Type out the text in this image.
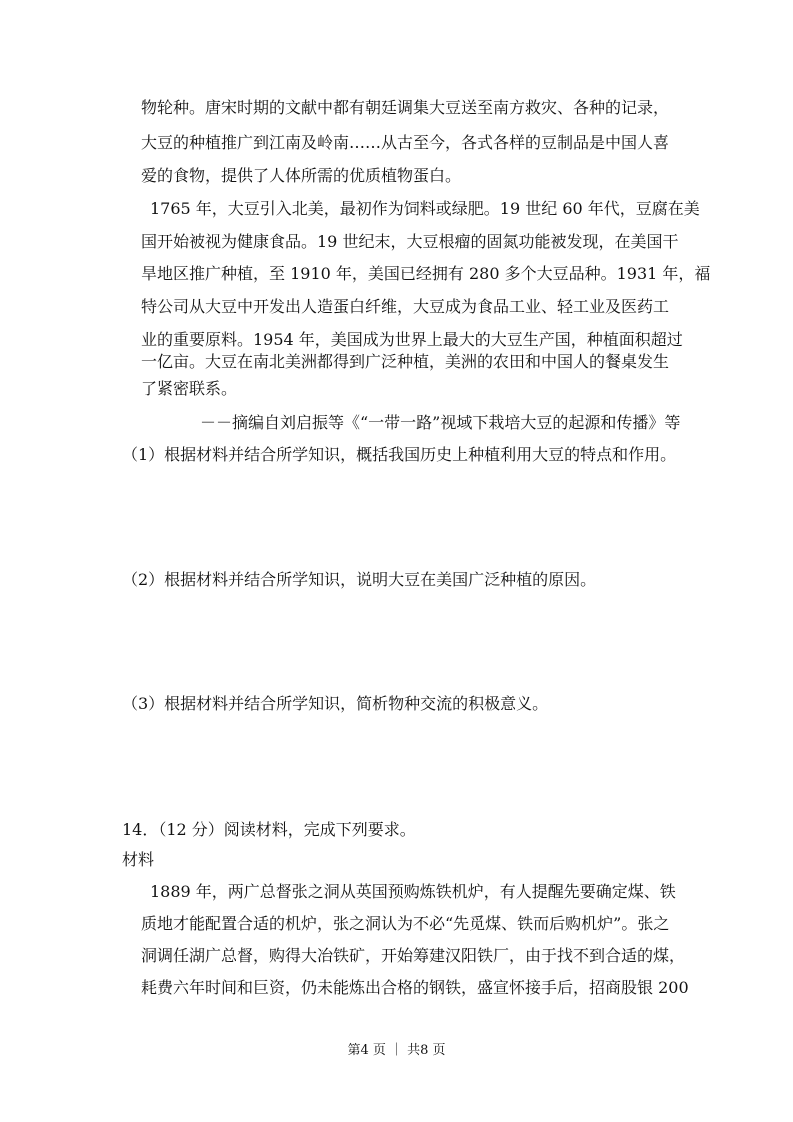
物轮种。唐宋时期的文献中都有朝廷调集大豆送至南方救灾、各种的记录，
大豆的种植推广到江南及岭南……从古至今，各式各样的豆制品是中国人喜
爱的食物，提供了人体所需的优质植物蛋白。
1765 年，大豆引入北美，最初作为饲料或绿肥。19 世纪 60 年代，豆腐在美
国开始被视为健康食品。19 世纪末，大豆根瘤的固氮功能被发现，在美国干
旱地区推广种植，至 1910 年，美国已经拥有 280 多个大豆品种。1931 年，福
特公司从大豆中开发出人造蛋白纤维，大豆成为食品工业、轻工业及医药工
业的重要原料。1954 年，美国成为世界上最大的大豆生产国，种植面积超过
一亿亩。大豆在南北美洲都得到广泛种植，美洲的农田和中国人的餐桌发生
了紧密联系。
－－摘编自刘启振等《“一带一路”视域下栽培大豆的起源和传播》等
（1）根据材料并结合所学知识，概括我国历史上种植利用大豆的特点和作用。
（2）根据材料并结合所学知识，说明大豆在美国广泛种植的原因。
（3）根据材料并结合所学知识，简析物种交流的积极意义。
14．（12 分）阅读材料，完成下列要求。
材料
1889 年，两广总督张之洞从英国预购炼铁机炉，有人提醒先要确定煤、铁
质地才能配置合适的机炉，张之洞认为不必“先觅煤、铁而后购机炉”。张之
洞调任湖广总督，购得大冶铁矿，开始筹建汉阳铁厂，由于找不到合适的煤，
耗费六年时间和巨资，仍未能炼出合格的钢铁，盛宣怀接手后，招商股银 200
第4 页 ｜ 共8 页
